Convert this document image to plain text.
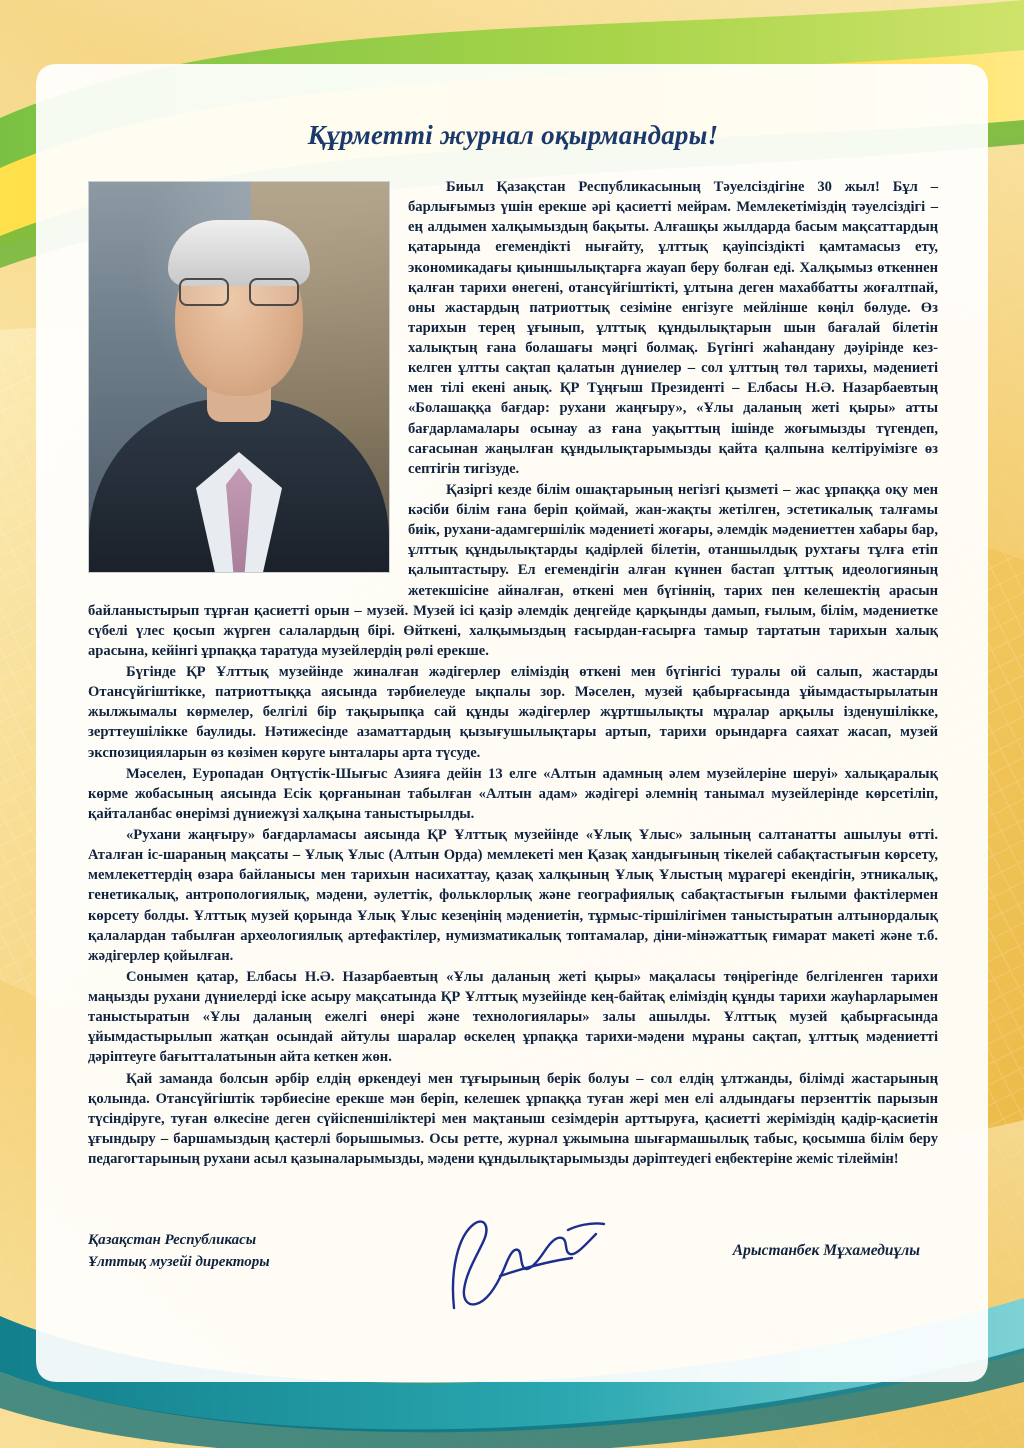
Құрметті журнал оқырмандары!

Биыл Қазақстан Республикасының Тәуелсіздігіне 30 жыл! Бұл – барлығымыз үшін ерекше әрі қасиетті мейрам. Мемлекетіміздің тәуелсіздігі – ең алдымен халқымыздың бақыты. Алғашқы жылдарда басым мақсаттардың қатарында егемендікті нығайту, ұлттық қауіпсіздікті қамтамасыз ету, экономикадағы қиыншылықтарға жауап беру болған еді. Халқымыз өткеннен қалған тарихи өнегені, отансүйгіштікті, ұлтына деген махаббатты жоғалтпай, оны жастардың патриоттық сезіміне енгізуге мейлінше көңіл бөлуде. Өз тарихын терең ұғынып, ұлттық құндылықтарын шын бағалай білетін халықтың ғана болашағы мәңгі болмақ. Бүгінгі жаһандану дәуірінде кез-келген ұлтты сақтап қалатын дүниелер – сол ұлттың төл тарихы, мәдениеті мен тілі екені анық. ҚР Тұңғыш Президенті – Елбасы Н.Ә. Назарбаевтың «Болашаққа бағдар: рухани жаңғыру», «Ұлы даланың жеті қыры» атты бағдарламалары осынау аз ғана уақыттың ішінде жоғымызды түгендеп, сағасынан жаңылған құндылықтарымызды қайта қалпына келтіруімізге өз септігін тигізуде.

Қазіргі кезде білім ошақтарының негізгі қызметі – жас ұрпаққа оқу мен кәсіби білім ғана беріп қоймай, жан-жақты жетілген, эстетикалық талғамы биік, рухани-адамгершілік мәдениеті жоғары, әлемдік мәдениеттен хабары бар, ұлттық құндылықтарды қадірлей білетін, отаншылдық рухтағы тұлға етіп қалыптастыру. Ел егемендігін алған күннен бастап ұлттық идеологияның жетекшісіне айналған, өткені мен бүгіннің, тарих пен келешектің арасын байланыстырып тұрған қасиетті орын – музей. Музей ісі қазір әлемдік деңгейде қарқынды дамып, ғылым, білім, мәдениетке сүбелі үлес қосып жүрген салалардың бірі. Өйткені, халқымыздың ғасырдан-ғасырға тамыр тартатын тарихын халық арасына, кейінгі ұрпаққа таратуда музейлердің рөлі ерекше.

Бүгінде ҚР Ұлттық музейінде жиналған жәдігерлер еліміздің өткені мен бүгінгісі туралы ой салып, жастарды Отансүйгіштікке, патриоттыққа аясында тәрбиелеуде ықпалы зор. Мәселен, музей қабырғасында ұйымдастырылатын жылжымалы көрмелер, белгілі бір тақырыпқа сай құнды жәдігерлер жұртшылықты мұралар арқылы ізденушілікке, зерттеушілікке баулиды. Нәтижесінде азаматтардың қызығушылықтары артып, тарихи орындарға саяхат жасап, музей экспозицияларын өз көзімен көруге ынталары арта түсуде.

Мәселен, Еуропадан Оңтүстік-Шығыс Азияға дейін 13 елге «Алтын адамның әлем музейлеріне шеруі» халықаралық көрме жобасының аясында Есік қорғанынан табылған «Алтын адам» жәдігері әлемнің танымал музейлерінде көрсетіліп, қайталанбас өнерімзі дүниежүзі халқына таныстырылды.

«Рухани жаңғыру» бағдарламасы аясында ҚР Ұлттық музейінде «Ұлық Ұлыс» залының салтанатты ашылуы өтті. Аталған іс-шараның мақсаты – Ұлық Ұлыс (Алтын Орда) мемлекеті мен Қазақ хандығының тікелей сабақтастығын көрсету, мемлекеттердің өзара байланысы мен тарихын насихаттау, қазақ халқының Ұлық Ұлыстың мұрагері екендігін, этникалық, генетикалық, антропологиялық, мәдени, әулеттік, фольклорлық және географиялық сабақтастығын ғылыми фактілермен көрсету болды. Ұлттық музей қорында Ұлық Ұлыс кезеңінің мәдениетін, тұрмыс-тіршілігімен таныстыратын алтынордалық қалалардан табылған археологиялық артефактілер, нумизматикалық топтамалар, діни-мінәжаттық ғимарат макеті және т.б. жәдігерлер қойылған.

Сонымен қатар, Елбасы Н.Ә. Назарбаевтың «Ұлы даланың жеті қыры» мақаласы төңірегінде белгіленген тарихи маңызды рухани дүниелерді іске асыру мақсатында ҚР Ұлттық музейінде кең-байтақ еліміздің құнды тарихи жауһарларымен таныстыратын «Ұлы даланың ежелгі өнері және технологиялары» залы ашылды. Ұлттық музей қабырғасында ұйымдастырылып жатқан осындай айтулы шаралар өскелең ұрпаққа тарихи-мәдени мұраны сақтап, ұлттық мәдениетті дәріптеуге бағытталатынын айта кеткен жөн.

Қай заманда болсын әрбір елдің өркендеуі мен тұғырының берік болуы – сол елдің ұлтжанды, білімді жастарының қолында. Отансүйгіштік тәрбиесіне ерекше мән беріп, келешек ұрпаққа туған жері мен елі алдындағы перзенттік парызын түсіндіруге, туған өлкесіне деген сүйіспеншіліктері мен мақтаныш сезімдерін арттыруға, қасиетті жеріміздің қадір-қасиетін ұғындыру – баршамыздың қастерлі борышымыз. Осы ретте, журнал ұжымына шығармашылық табыс, қосымша білім беру педагогтарының рухани асыл қазыналарымызды, мәдени құндылықтарымызды дәріптеудегі еңбектеріне жеміс тілеймін!

Қазақстан Республикасы
Ұлттық музейі директоры
Арыстанбек Мұхамедиұлы
